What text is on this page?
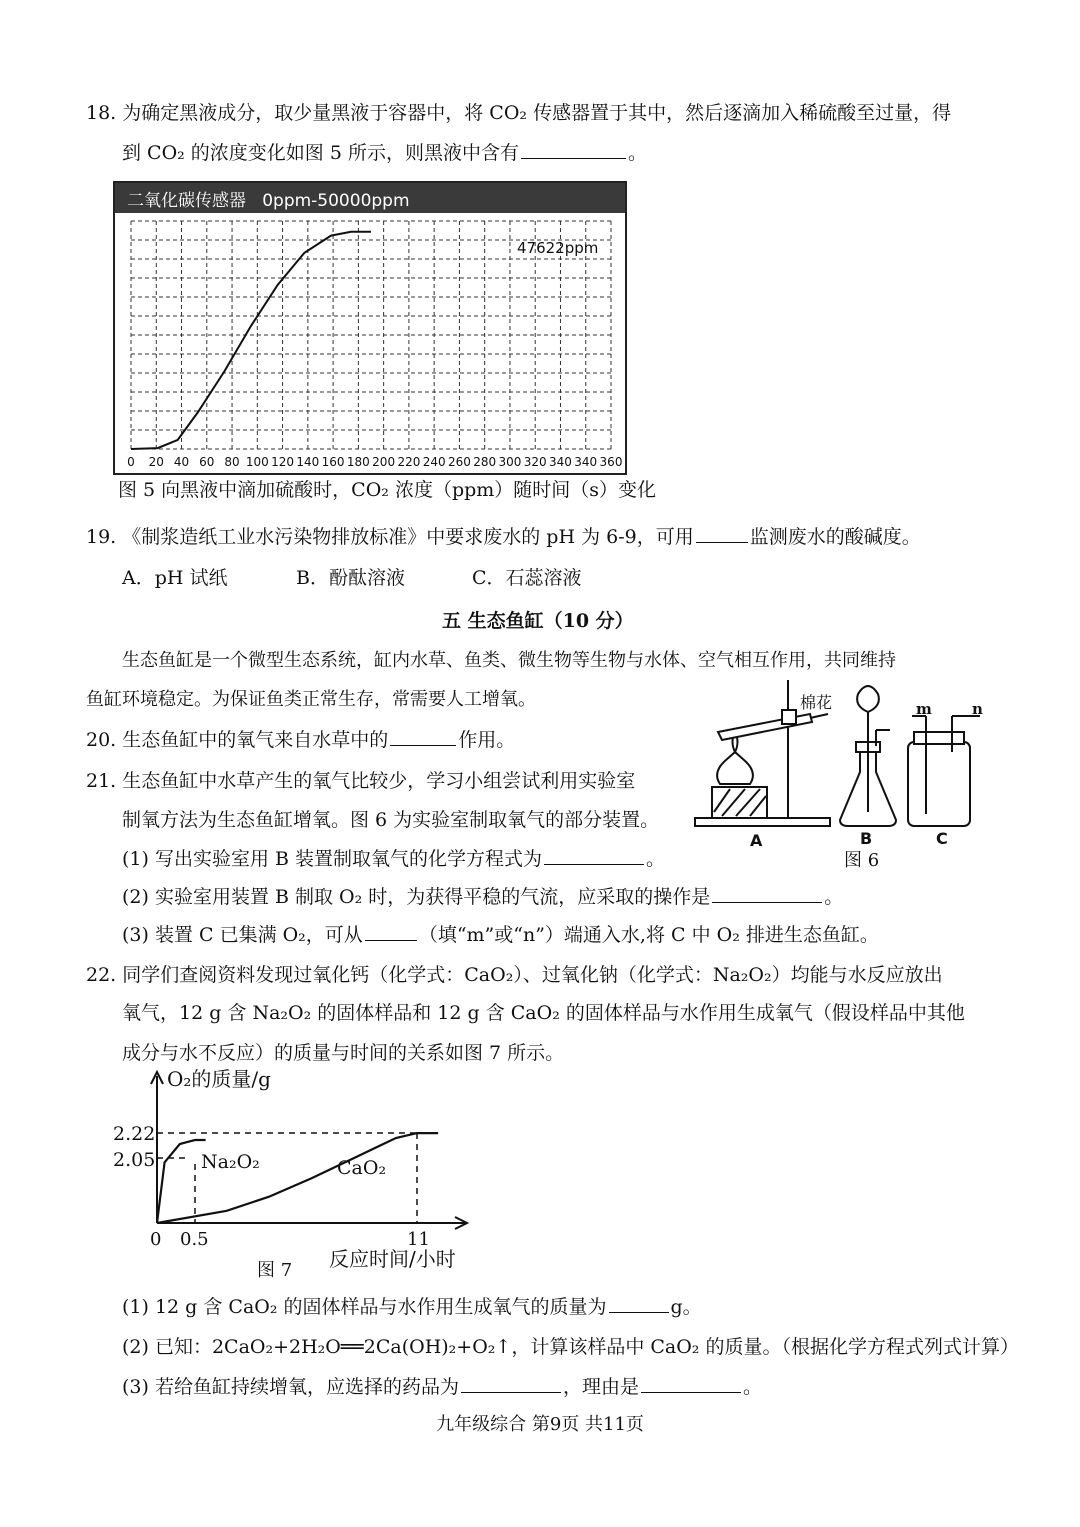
18. 为确定黑液成分，取少量黑液于容器中，将 CO₂ 传感器置于其中，然后逐滴加入稀硫酸至过量，得
到 CO₂ 的浓度变化如图 5 所示，则黑液中含有	。
二氧化碳传感器   0ppm-50000ppm
0 20 40 60 80 100 120 140 160 180 200 220 240 260 280 300 320 340 340 360
47622ppm
图 5 向黑液中滴加硫酸时，CO₂ 浓度（ppm）随时间（s）变化
19. 《制浆造纸工业水污染物排放标准》中要求废水的 pH 为 6-9，可用	监测废水的酸碱度。
A．pH 试纸	B．酚酞溶液	C．石蕊溶液
五 生态鱼缸（10 分）
生态鱼缸是一个微型生态系统，缸内水草、鱼类、微生物等生物与水体、空气相互作用，共同维持
鱼缸环境稳定。为保证鱼类正常生存，常需要人工增氧。
20. 生态鱼缸中的氧气来自水草中的	作用。
21. 生态鱼缸中水草产生的氧气比较少，学习小组尝试利用实验室
制氧方法为生态鱼缸增氧。图 6 为实验室制取氧气的部分装置。
(1) 写出实验室用 B 装置制取氧气的化学方程式为	。
(2) 实验室用装置 B 制取 O₂ 时，为获得平稳的气流，应采取的操作是	。
(3) 装置 C 已集满 O₂，可从	（填“m”或“n”）端通入水,将 C 中 O₂ 排进生态鱼缸。
棉花	m	n
A	B	C
图 6
22. 同学们查阅资料发现过氧化钙（化学式：CaO₂）、过氧化钠（化学式：Na₂O₂）均能与水反应放出
氧气，12 g 含 Na₂O₂ 的固体样品和 12 g 含 CaO₂ 的固体样品与水作用生成氧气（假设样品中其他
成分与水不反应）的质量与时间的关系如图 7 所示。
O₂的质量/g
2.22
2.05
0 0.5	11
Na₂O₂	CaO₂
反应时间/小时
图 7
(1) 12 g 含 CaO₂ 的固体样品与水作用生成氧气的质量为	g。
(2) 已知：2CaO₂+2H₂O══2Ca(OH)₂+O₂↑，计算该样品中 CaO₂ 的质量。（根据化学方程式列式计算）
(3) 若给鱼缸持续增氧，应选择的药品为	，理由是	。
九年级综合 第9页 共11页
